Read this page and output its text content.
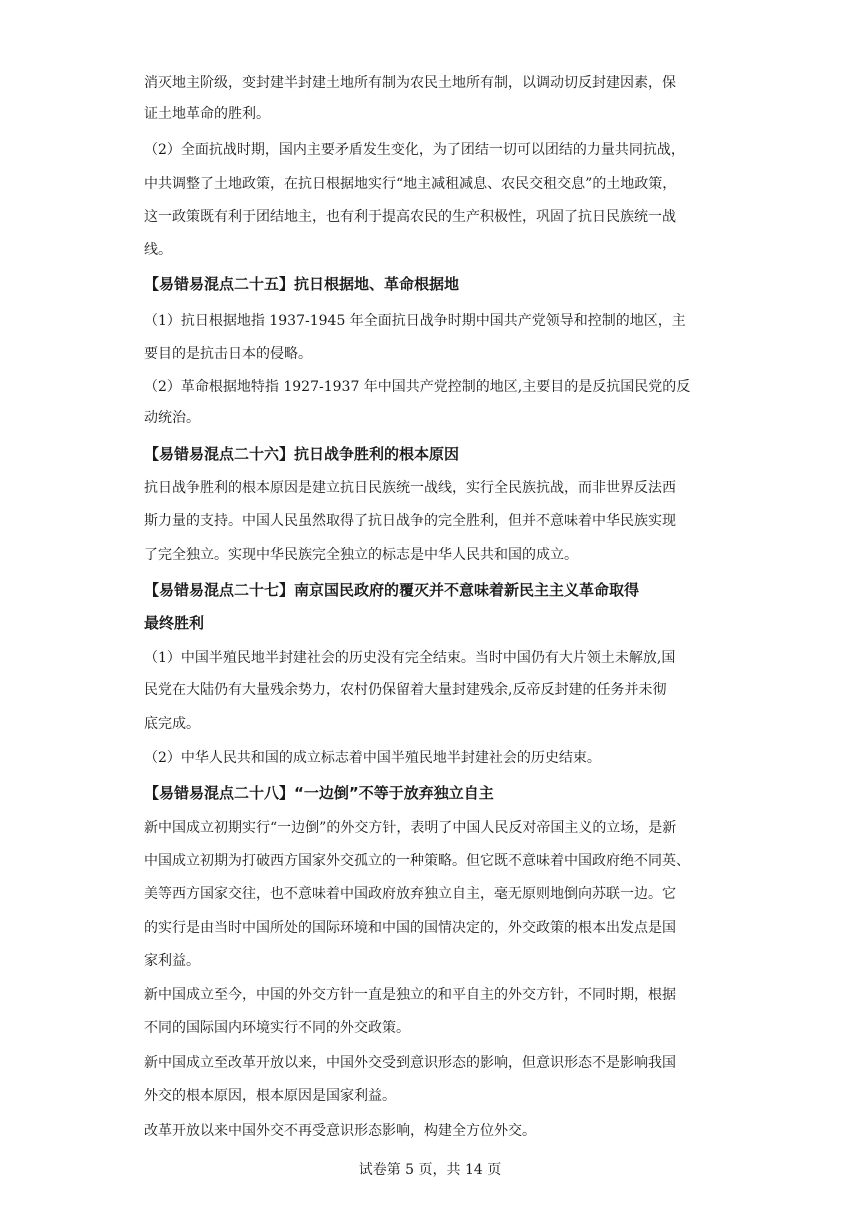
消灭地主阶级，变封建半封建土地所有制为农民土地所有制，以调动切反封建因素，保
证土地革命的胜利。
（2）全面抗战时期，国内主要矛盾发生变化，为了团结一切可以团结的力量共同抗战，
中共调整了土地政策，在抗日根据地实行“地主减租减息、农民交租交息”的土地政策，
这一政策既有利于团结地主，也有利于提高农民的生产积极性，巩固了抗日民族统一战
线。
【易错易混点二十五】抗日根据地、革命根据地
（1）抗日根据地指 1937-1945 年全面抗日战争时期中国共产党领导和控制的地区，主
要目的是抗击日本的侵略。
（2）革命根据地特指 1927-1937 年中国共产党控制的地区,主要目的是反抗国民党的反
动统治。
【易错易混点二十六】抗日战争胜利的根本原因
抗日战争胜利的根本原因是建立抗日民族统一战线，实行全民族抗战，而非世界反法西
斯力量的支持。中国人民虽然取得了抗日战争的完全胜利，但并不意味着中华民族实现
了完全独立。实现中华民族完全独立的标志是中华人民共和国的成立。
【易错易混点二十七】南京国民政府的覆灭并不意味着新民主主义革命取得
最终胜利
（1）中国半殖民地半封建社会的历史没有完全结束。当时中国仍有大片领土未解放,国
民党在大陆仍有大量残余势力，农村仍保留着大量封建残余,反帝反封建的任务并未彻
底完成。
（2）中华人民共和国的成立标志着中国半殖民地半封建社会的历史结束。
【易错易混点二十八】“一边倒”不等于放弃独立自主
新中国成立初期实行“一边倒”的外交方针，表明了中国人民反对帝国主义的立场，是新
中国成立初期为打破西方国家外交孤立的一种策略。但它既不意味着中国政府绝不同英、
美等西方国家交往，也不意味着中国政府放弃独立自主，毫无原则地倒向苏联一边。它
的实行是由当时中国所处的国际环境和中国的国情决定的，外交政策的根本出发点是国
家利益。
新中国成立至今，中国的外交方针一直是独立的和平自主的外交方针，不同时期，根据
不同的国际国内环境实行不同的外交政策。
新中国成立至改革开放以来，中国外交受到意识形态的影响，但意识形态不是影响我国
外交的根本原因，根本原因是国家利益。
改革开放以来中国外交不再受意识形态影响，构建全方位外交。
试卷第 5 页，共 14 页
